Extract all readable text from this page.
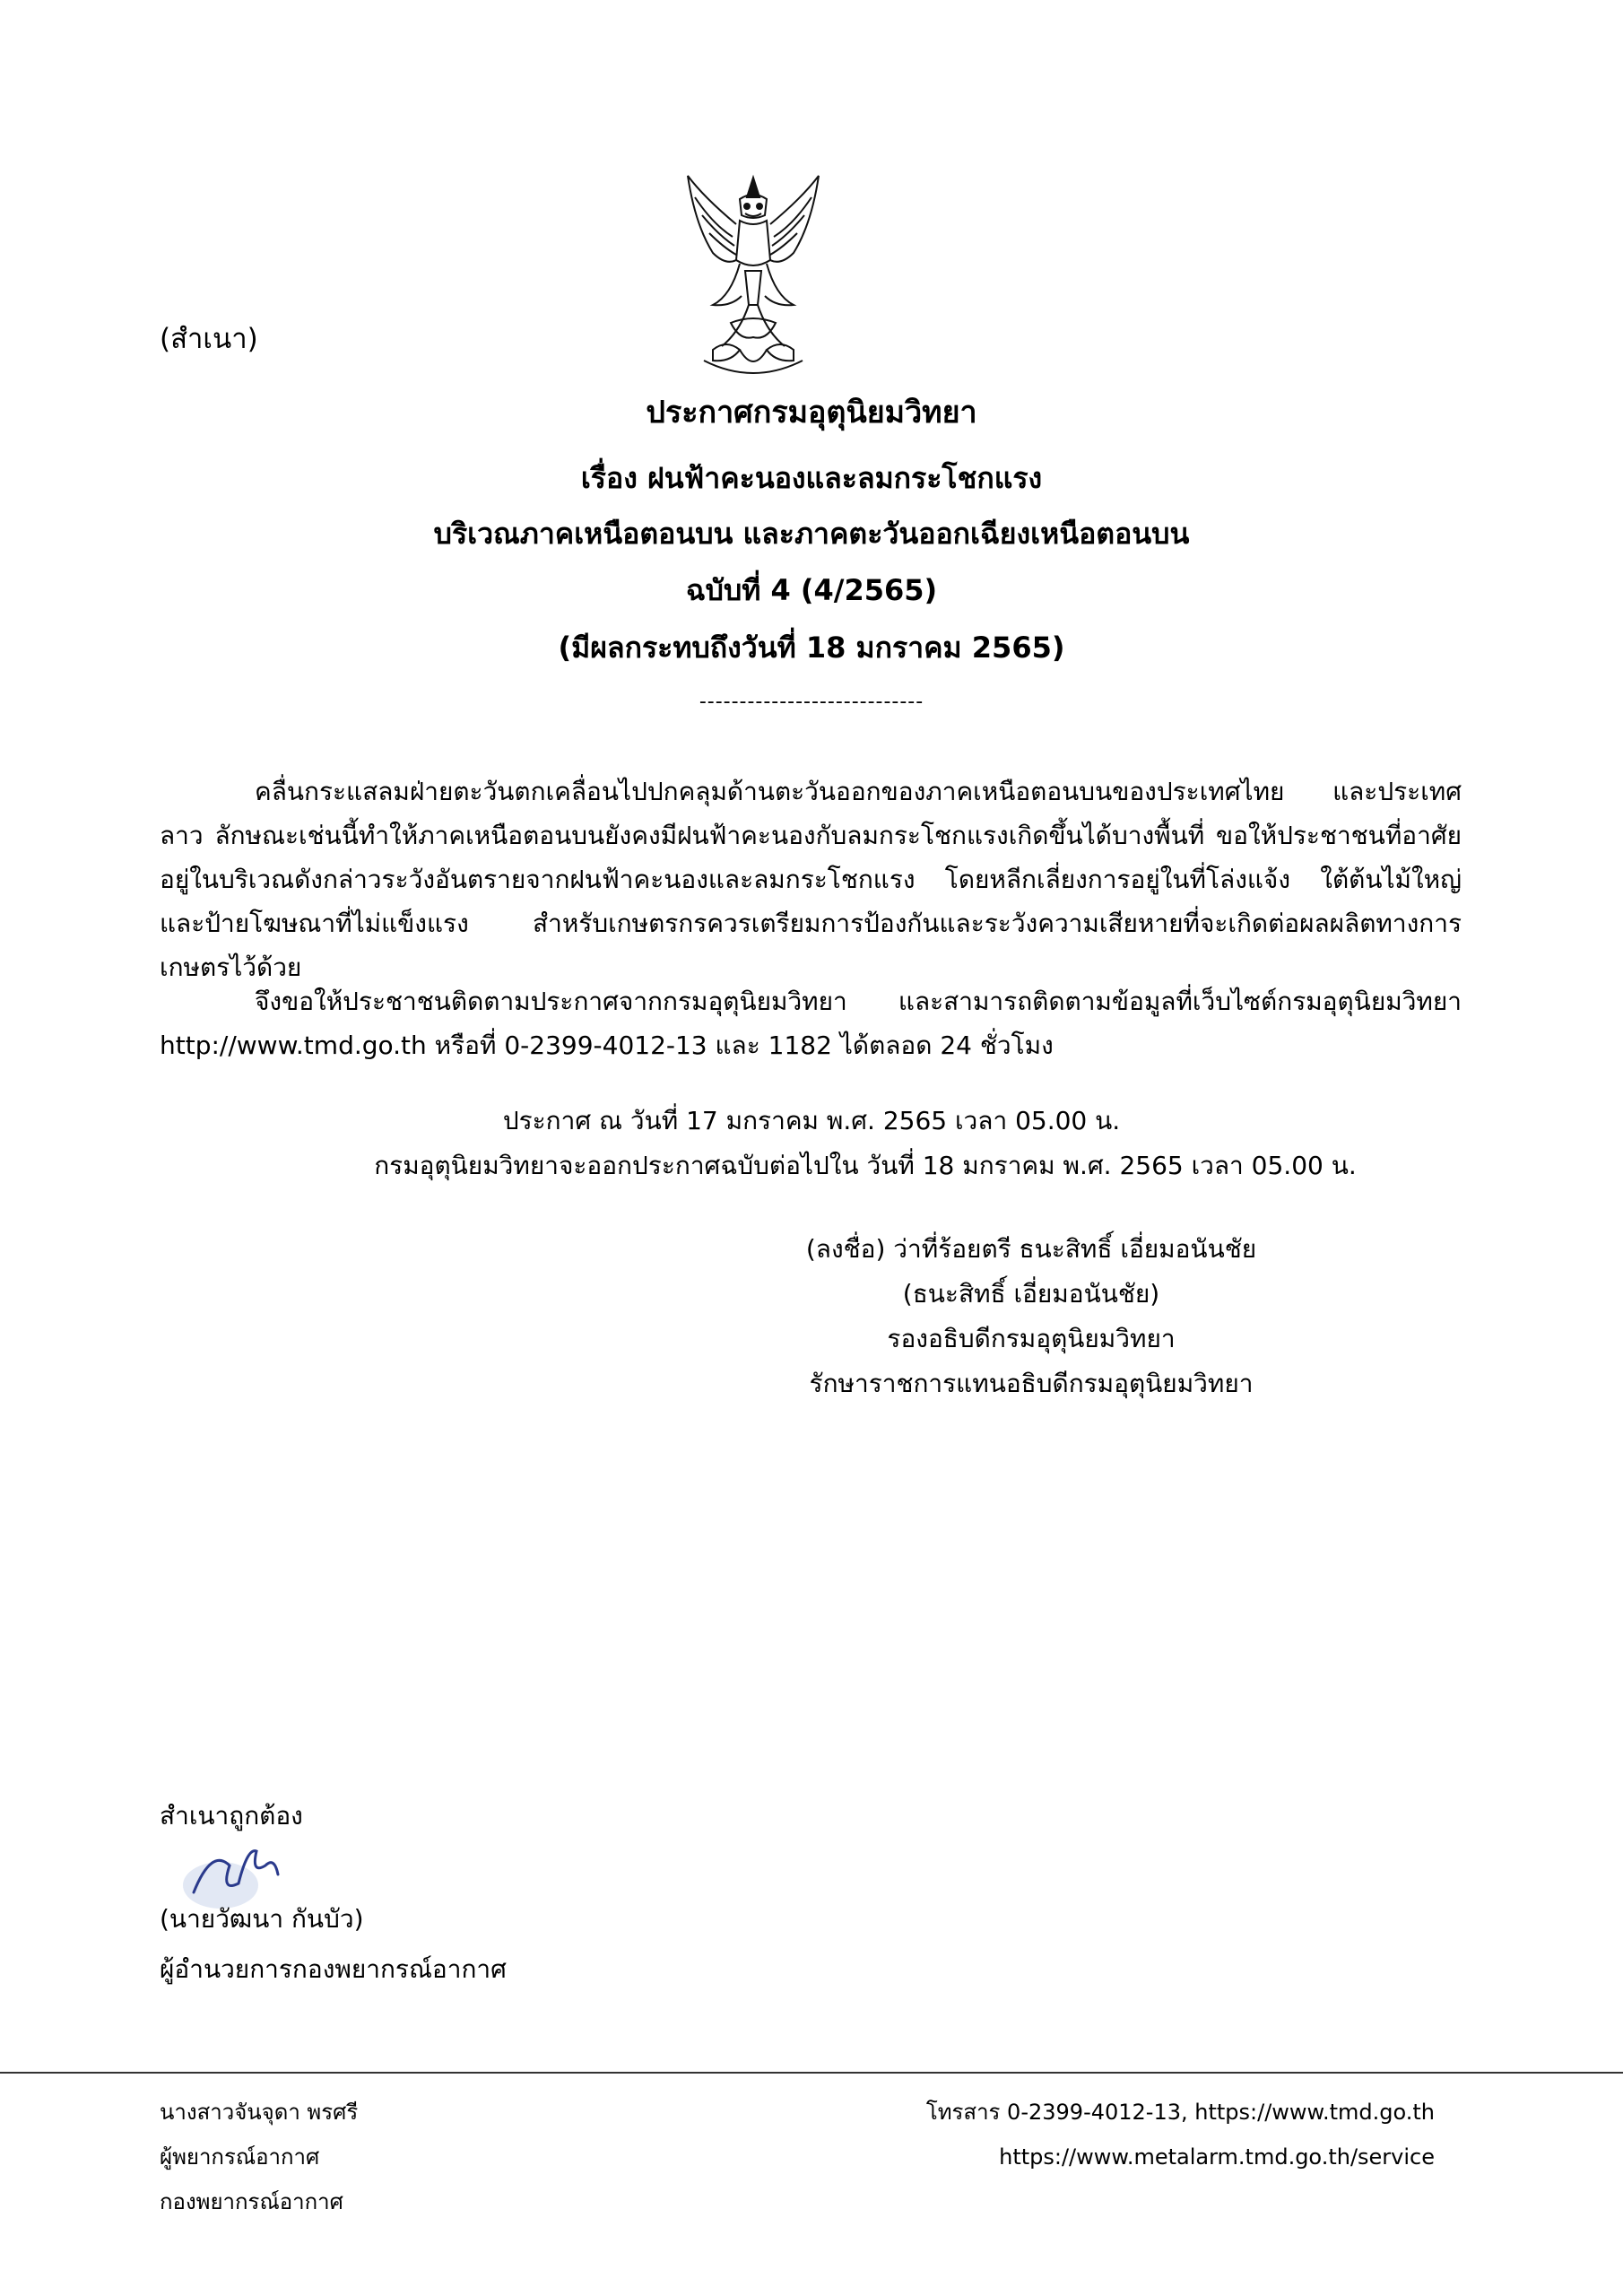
(สำเนา)
ประกาศกรมอุตุนิยมวิทยา
เรื่อง ฝนฟ้าคะนองและลมกระโชกแรง
บริเวณภาคเหนือตอนบน และภาคตะวันออกเฉียงเหนือตอนบน
ฉบับที่ 4 (4/2565)
(มีผลกระทบถึงวันที่ 18 มกราคม 2565)
----------------------------
คลื่นกระแสลมฝ่ายตะวันตกเคลื่อนไปปกคลุมด้านตะวันออกของภาคเหนือตอนบนของประเทศไทย และประเทศลาว ลักษณะเช่นนี้ทำให้ภาคเหนือตอนบนยังคงมีฝนฟ้าคะนองกับลมกระโชกแรงเกิดขึ้นได้บางพื้นที่ ขอให้ประชาชนที่อาศัยอยู่ในบริเวณดังกล่าวระวังอันตรายจากฝนฟ้าคะนองและลมกระโชกแรง โดยหลีกเลี่ยงการอยู่ในที่โล่งแจ้ง ใต้ต้นไม้ใหญ่ และป้ายโฆษณาที่ไม่แข็งแรง สำหรับเกษตรกรควรเตรียมการป้องกันและระวังความเสียหายที่จะเกิดต่อผลผลิตทางการเกษตรไว้ด้วย
จึงขอให้ประชาชนติดตามประกาศจากกรมอุตุนิยมวิทยา และสามารถติดตามข้อมูลที่เว็บไซต์กรมอุตุนิยมวิทยา http://www.tmd.go.th หรือที่ 0-2399-4012-13 และ 1182 ได้ตลอด 24 ชั่วโมง
ประกาศ ณ วันที่ 17 มกราคม พ.ศ. 2565 เวลา 05.00 น.
กรมอุตุนิยมวิทยาจะออกประกาศฉบับต่อไปใน วันที่ 18 มกราคม พ.ศ. 2565 เวลา 05.00 น.
(ลงชื่อ) ว่าที่ร้อยตรี ธนะสิทธิ์ เอี่ยมอนันชัย
(ธนะสิทธิ์ เอี่ยมอนันชัย)
รองอธิบดีกรมอุตุนิยมวิทยา
รักษาราชการแทนอธิบดีกรมอุตุนิยมวิทยา
สำเนาถูกต้อง
(นายวัฒนา กันบัว)
ผู้อำนวยการกองพยากรณ์อากาศ
นางสาวจันจุดา พรศรี
ผู้พยากรณ์อากาศ
กองพยากรณ์อากาศ
โทรสาร 0-2399-4012-13, https://www.tmd.go.th
https://www.metalarm.tmd.go.th/service
